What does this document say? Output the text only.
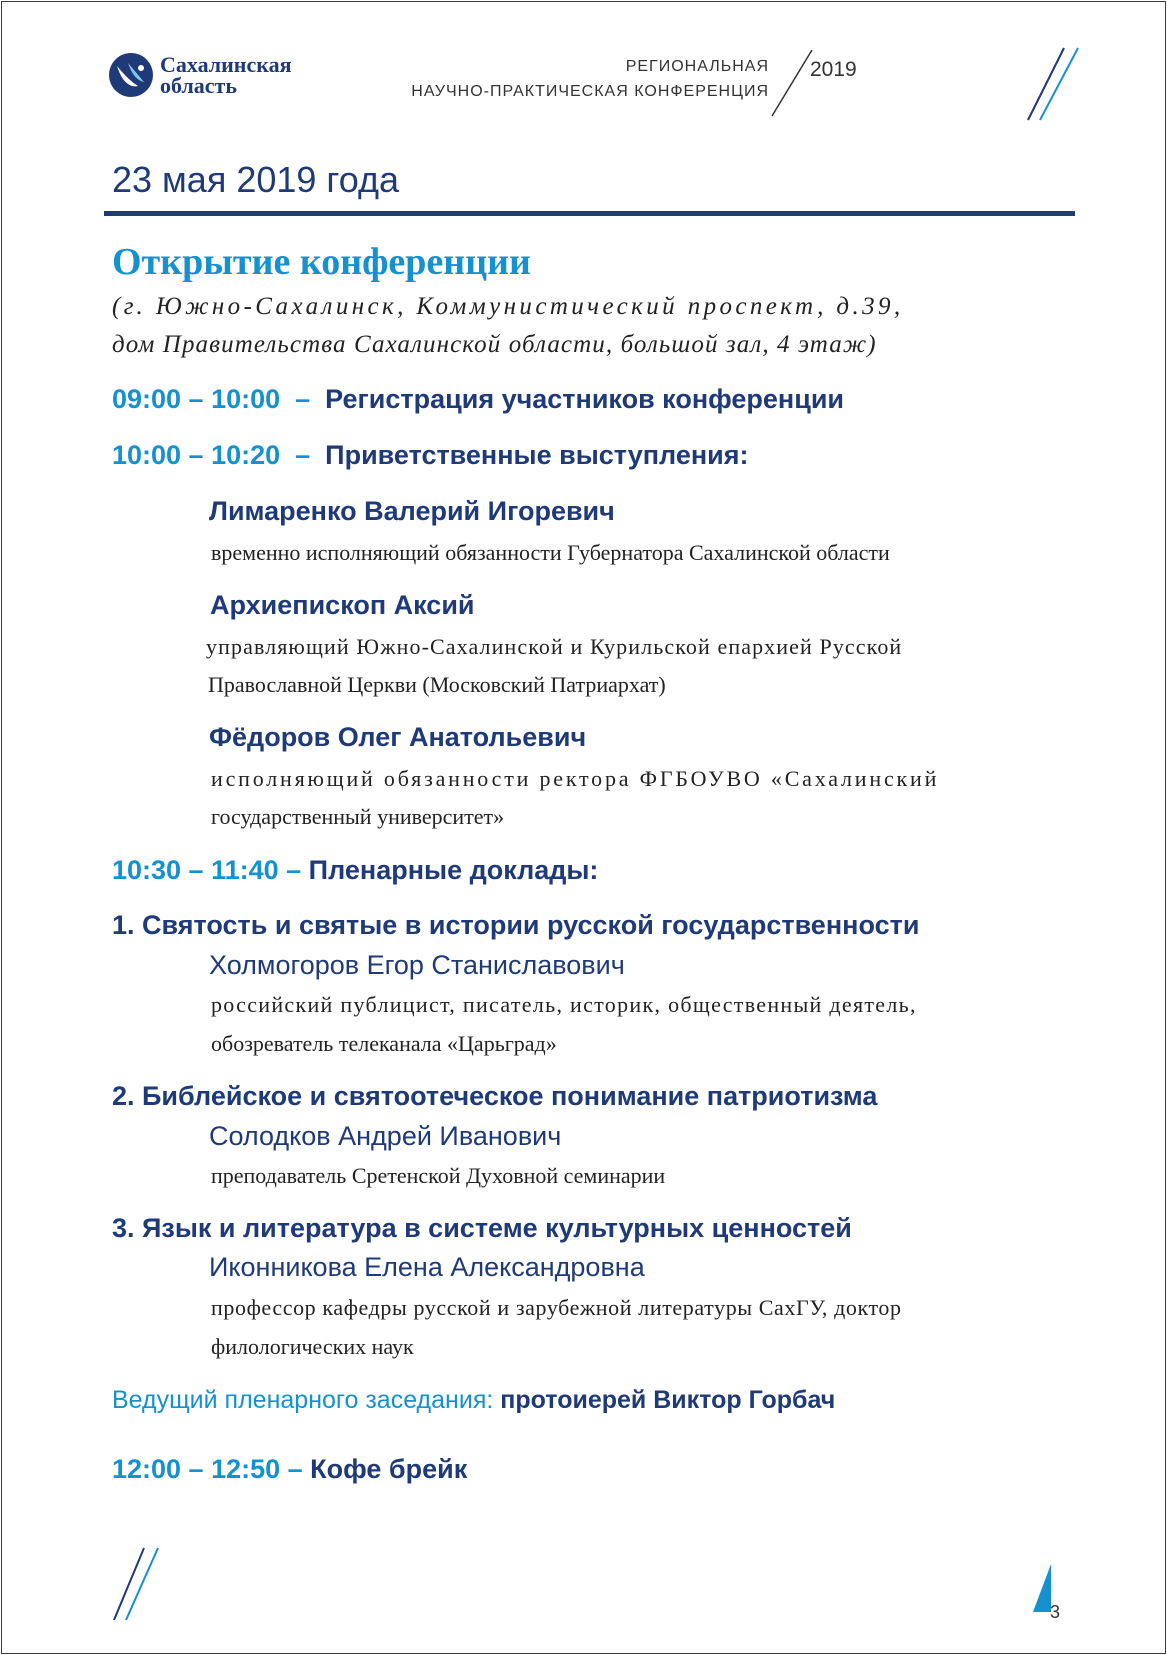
Сахалинская
область
РЕГИОНАЛЬНАЯ
НАУЧНО-ПРАКТИЧЕСКАЯ КОНФЕРЕНЦИЯ
2019
23 мая 2019 года
Открытие конференции
(г. Южно-Сахалинск, Коммунистический проспект, д.39,
дом Правительства Сахалинской области, большой зал, 4 этаж)
09:00 – 10:00  –  Регистрация участников конференции
10:00 – 10:20  –  Приветственные выступления:
Лимаренко Валерий Игоревич
временно исполняющий обязанности Губернатора Сахалинской области
Архиепископ Аксий
управляющий Южно-Сахалинской и Курильской епархией Русской
Православной Церкви (Московский Патриархат)
Фёдоров Олег Анатольевич
исполняющий обязанности ректора ФГБОУВО «Сахалинский
государственный университет»
10:30 – 11:40 – Пленарные доклады:
1. Святость и святые в истории русской государственности
Холмогоров Егор Станиславович
российский публицист, писатель, историк, общественный деятель,
обозреватель телеканала «Царьград»
2. Библейское и святоотеческое понимание патриотизма
Солодков Андрей Иванович
преподаватель Сретенской Духовной семинарии
3. Язык и литература в системе культурных ценностей
Иконникова Елена Александровна
профессор кафедры русской и зарубежной литературы СахГУ, доктор
филологических наук
Ведущий пленарного заседания: протоиерей Виктор Горбач
12:00 – 12:50 – Кофе брейк
3
